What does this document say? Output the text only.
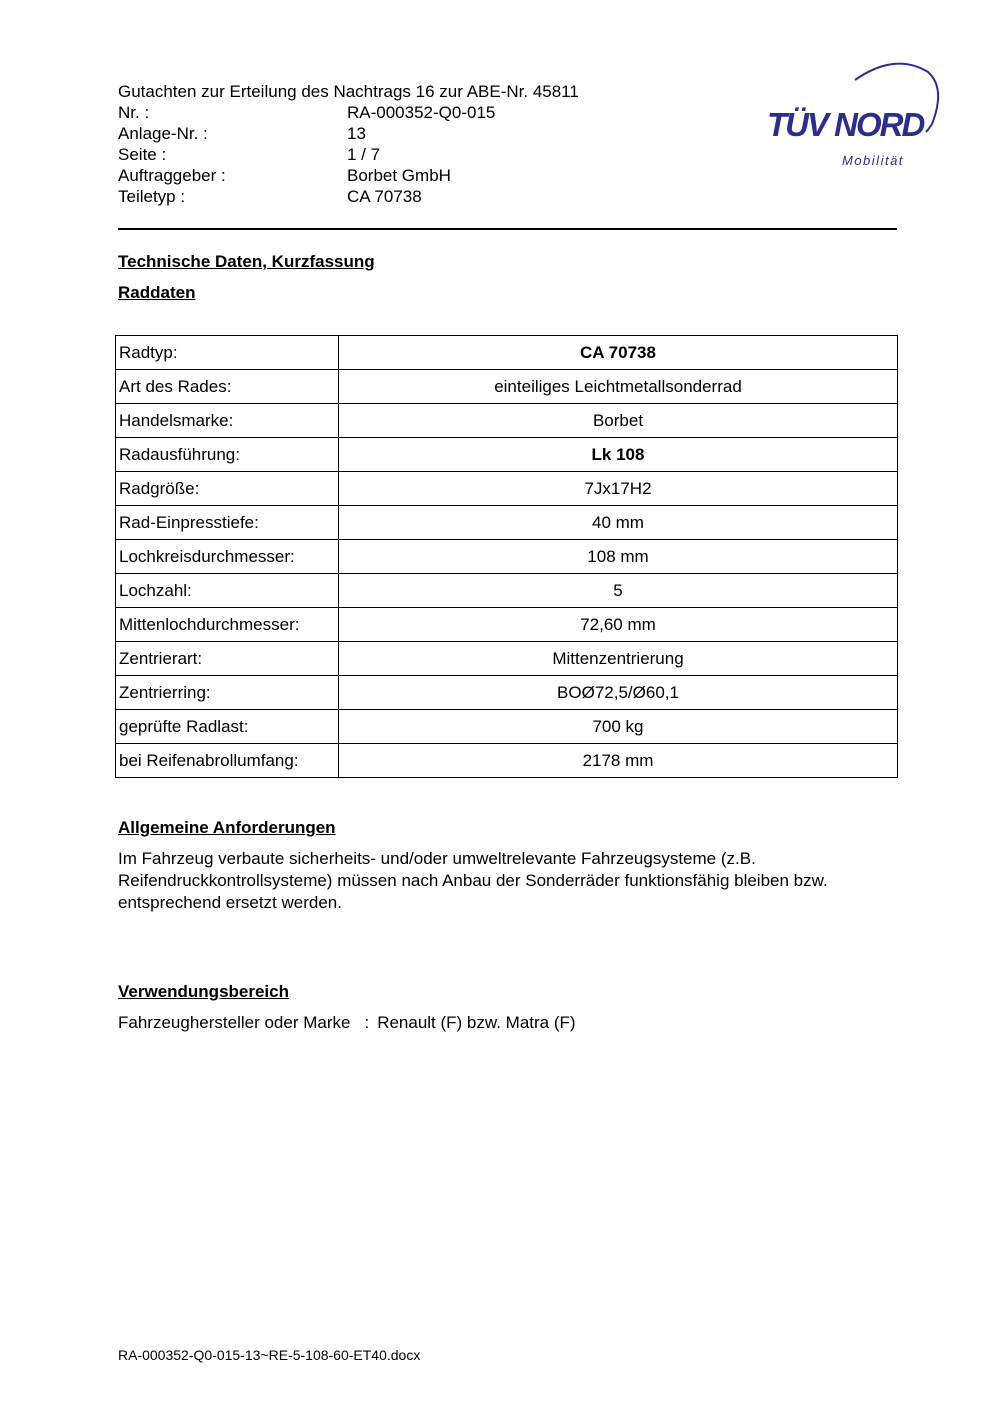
Gutachten zur Erteilung des Nachtrags 16 zur ABE-Nr. 45811
Nr. :	RA-000352-Q0-015
Anlage-Nr. :	13
Seite :	1 / 7
Auftraggeber :	Borbet GmbH
Teiletyp :	CA 70738
TÜV NORD
Mobilität
Technische Daten, Kurzfassung
Raddaten
Radtyp:	CA 70738
Art des Rades:	einteiliges Leichtmetallsonderrad
Handelsmarke:	Borbet
Radausführung:	Lk 108
Radgröße:	7Jx17H2
Rad-Einpresstiefe:	40 mm
Lochkreisdurchmesser:	108 mm
Lochzahl:	5
Mittenlochdurchmesser:	72,60 mm
Zentrierart:	Mittenzentrierung
Zentrierring:	BOØ72,5/Ø60,1
geprüfte Radlast:	700 kg
bei Reifenabrollumfang:	2178 mm
Allgemeine Anforderungen
Im Fahrzeug verbaute sicherheits- und/oder umweltrelevante Fahrzeugsysteme (z.B. Reifendruckkontrollsysteme) müssen nach Anbau der Sonderräder funktionsfähig bleiben bzw. entsprechend ersetzt werden.
Verwendungsbereich
Fahrzeughersteller oder Marke : Renault (F) bzw. Matra (F)
RA-000352-Q0-015-13~RE-5-108-60-ET40.docx
